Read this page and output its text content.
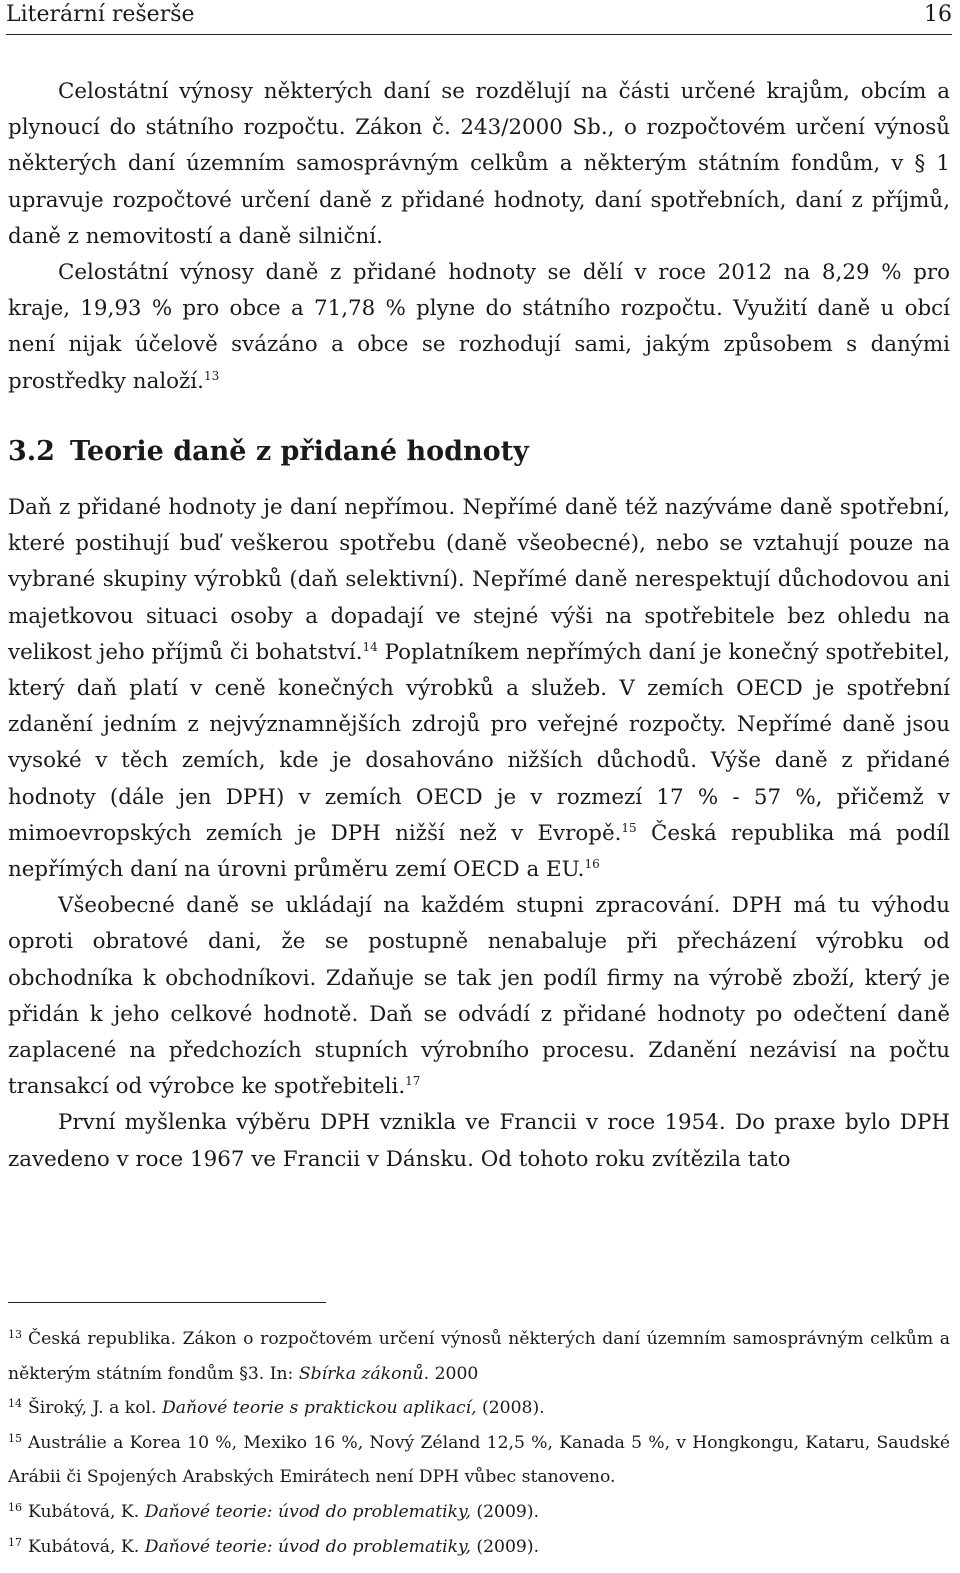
Literární rešerše	16

Celostátní výnosy některých daní se rozdělují na části určené krajům, obcím a plynoucí do státního rozpočtu. Zákon č. 243/2000 Sb., o rozpočtovém určení výnosů některých daní územním samosprávným celkům a některým státním fondům, v § 1 upravuje rozpočtové určení daně z přidané hodnoty, daní spotřebních, daní z příjmů, daně z nemovitostí a daně silniční.

Celostátní výnosy daně z přidané hodnoty se dělí v roce 2012 na 8,29 % pro kraje, 19,93 % pro obce a 71,78 % plyne do státního rozpočtu. Využití daně u obcí není nijak účelově svázáno a obce se rozhodují sami, jakým způsobem s danými prostředky naloží.$^{13}$

3.2 Teorie daně z přidané hodnoty

Daň z přidané hodnoty je daní nepřímou. Nepřímé daně též nazýváme daně spotřební, které postihují buď veškerou spotřebu (daně všeobecné), nebo se vztahují pouze na vybrané skupiny výrobků (daň selektivní). Nepřímé daně nerespektují důchodovou ani majetkovou situaci osoby a dopadají ve stejné výši na spotřebitele bez ohledu na velikost jeho příjmů či bohatství.$^{14}$ Poplatníkem nepřímých daní je konečný spotřebitel, který daň platí v ceně konečných výrobků a služeb. V zemích OECD je spotřební zdanění jedním z nejvýznamnějších zdrojů pro veřejné rozpočty. Nepřímé daně jsou vysoké v těch zemích, kde je dosahováno nižších důchodů. Výše daně z přidané hodnoty (dále jen DPH) v zemích OECD je v rozmezí 17 % - 57 %, přičemž v mimoevropských zemích je DPH nižší než v Evropě.$^{15}$ Česká republika má podíl nepřímých daní na úrovni průměru zemí OECD a EU.$^{16}$

Všeobecné daně se ukládají na každém stupni zpracování. DPH má tu výhodu oproti obratové dani, že se postupně nenabaluje při přecházení výrobku od obchodníka k obchodníkovi. Zdaňuje se tak jen podíl firmy na výrobě zboží, který je přidán k jeho celkové hodnotě. Daň se odvádí z přidané hodnoty po odečtení daně zaplacené na předchozích stupních výrobního procesu. Zdanění nezávisí na počtu transakcí od výrobce ke spotřebiteli.$^{17}$

První myšlenka výběru DPH vznikla ve Francii v roce 1954. Do praxe bylo DPH zavedeno v roce 1967 ve Francii v Dánsku. Od tohoto roku zvítězila tato

$^{13}$ Česká republika. Zákon o rozpočtovém určení výnosů některých daní územním samosprávným celkům a některým státním fondům §3. In: Sbírka zákonů. 2000

$^{14}$ Široký, J. a kol. Daňové teorie s praktickou aplikací, (2008).

$^{15}$ Austrálie a Korea 10 %, Mexiko 16 %, Nový Zéland 12,5 %, Kanada 5 %, v Hongkongu, Kataru, Saudské Arábii či Spojených Arabských Emirátech není DPH vůbec stanoveno.

$^{16}$ Kubátová, K. Daňové teorie: úvod do problematiky, (2009).

$^{17}$ Kubátová, K. Daňové teorie: úvod do problematiky, (2009).
